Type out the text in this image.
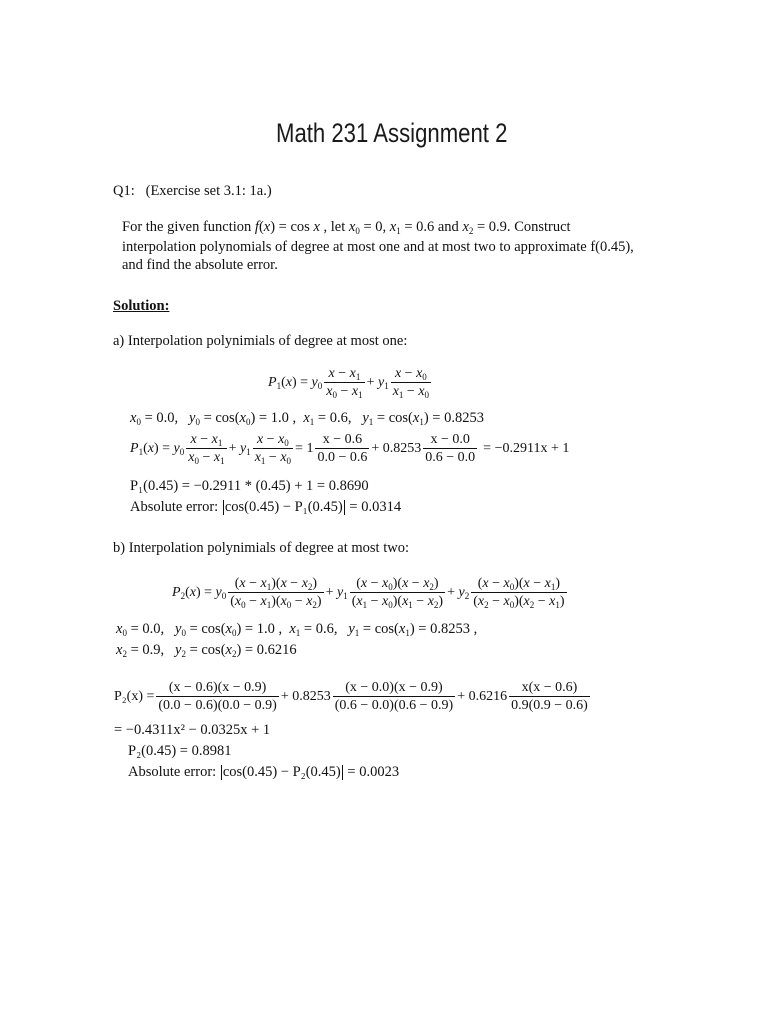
Math 231 Assignment 2
Q1: (Exercise set 3.1: 1a.)
For the given function f(x) = cos x , let $x_0 = 0$, $x_1 = 0.6$ and $x_2 = 0.9$. Construct
interpolation polynomials of degree at most one and at most two to approximate f(0.45),
and find the absolute error.
Solution:
a) Interpolation polynimials of degree at most one:
$P_1(x) = y_0 \frac{x - x_1}{x_0 - x_1} + y_1 \frac{x - x_0}{x_1 - x_0}$
$x_0 = 0.0$,   $y_0 = \cos(x_0) = 1.0$ ,  $x_1 = 0.6$,   $y_1 = \cos(x_1) = 0.8253$
$P_1(x) = y_0 \frac{x - x_1}{x_0 - x_1} + y_1 \frac{x - x_0}{x_1 - x_0} = 1 \frac{x - 0.6}{0.0 - 0.6} + 0.8253 \frac{x - 0.0}{0.6 - 0.0} = -0.2911x + 1$
P₁(0.45) = −0.2911 * (0.45) + 1 = 0.8690
Absolute error: cos(0.45) − P₁(0.45) = 0.0314
b) Interpolation polynimials of degree at most two:
$P_2(x) = y_0 \frac{(x - x_1)(x - x_2)}{(x_0 - x_1)(x_0 - x_2)} + y_1 \frac{(x - x_0)(x - x_2)}{(x_1 - x_0)(x_1 - x_2)} + y_2 \frac{(x - x_0)(x - x_1)}{(x_2 - x_0)(x_2 - x_1)}$
$x_0 = 0.0$,   $y_0 = \cos(x_0) = 1.0$ ,  $x_1 = 0.6$,   $y_1 = \cos(x_1) = 0.8253$ ,
$x_2 = 0.9$,   $y_2 = \cos(x_2) = 0.6216$
$P_2(x) = \frac{(x - 0.6)(x - 0.9)}{(0.0 - 0.6)(0.0 - 0.9)} + 0.8253 \frac{(x - 0.0)(x - 0.9)}{(0.6 - 0.0)(0.6 - 0.9)} + 0.6216 \frac{x(x - 0.6)}{0.9(0.9 - 0.6)}$
= −0.4311x² − 0.0325x + 1
P₂(0.45) = 0.8981
Absolute error: cos(0.45) − P₂(0.45) = 0.0023
